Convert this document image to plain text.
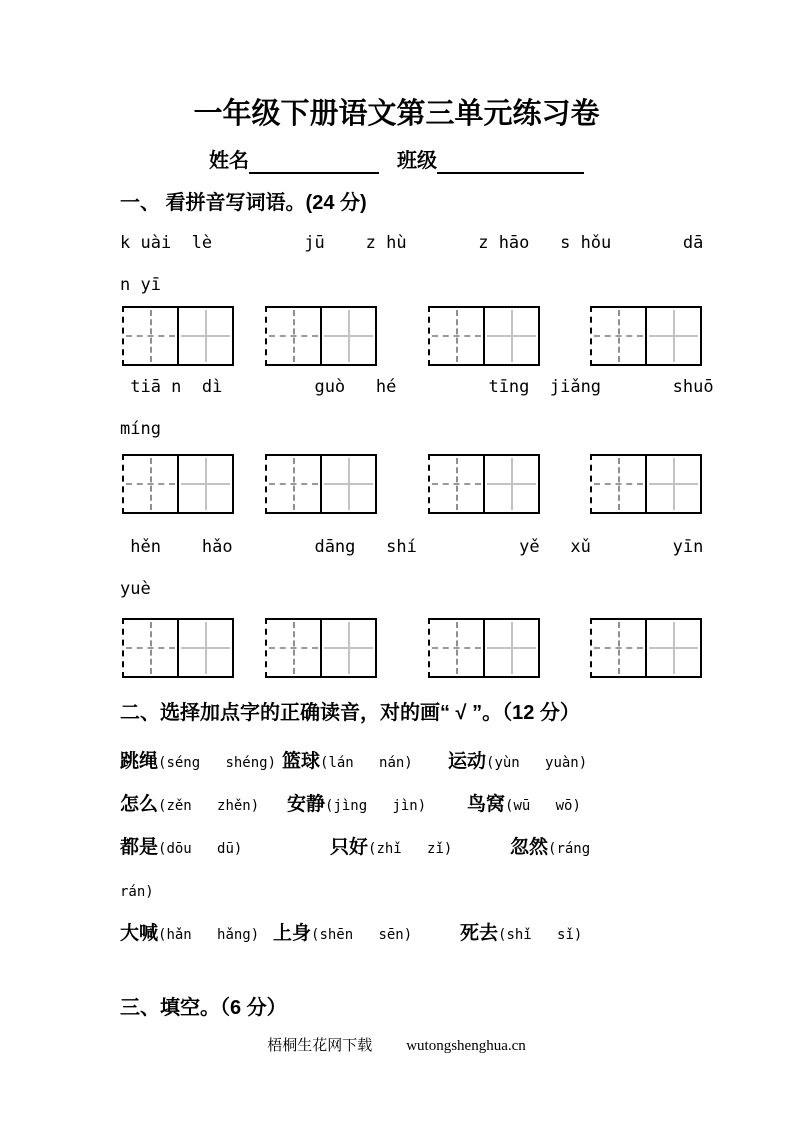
一年级下册语文第三单元练习卷
姓名	班级
一、 看拼音写词语。(24 分)
k uài  lè         jū    z hù       z hāo   s hǒu       dā
n yī
tiā n  dì         guò   hé         tīng  jiǎng       shuō
míng
hěn    hǎo        dāng   shí          yě   xǔ        yīn
yuè
二、选择加点字的正确读音，对的画“ √ ”。（12 分）
跳绳(séng   shéng) 篮球(lán   nán) 运动(yùn   yuàn)
怎么(zěn   zhěn) 安静(jìng   jìn) 鸟窝(wū   wō)
都是(dōu   dū)	只好(zhǐ   zǐ)	忽然(ráng
rán)
大喊(hǎn   hǎng) 上身(shēn   sēn)	死去(shǐ   sǐ)
三、填空。（6 分）
梧桐生花网下载 wutongshenghua.cn
